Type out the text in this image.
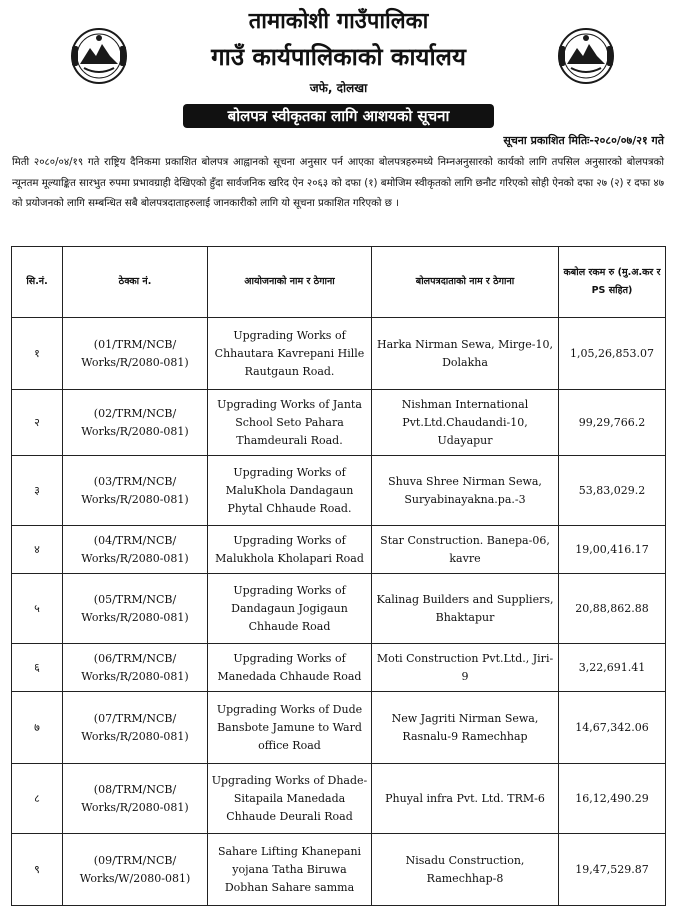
तामाकोशी गाउँपालिका
गाउँ कार्यपालिकाको कार्यालय
जफे, दोलखा
बोलपत्र स्वीकृतका लागि आशयको सूचना
सूचना प्रकाशित मितिः-२०८०/०७/२१ गते

मिती २०८०/०४/१९ गते राष्ट्रिय दैनिकमा प्रकाशित बोलपत्र आह्वानको सूचना अनुसार पर्न आएका बोलपत्रहरुमध्ये निम्नअनुसारको कार्यको लागि तपसिल अनुसारको बोलपत्रको न्यूनतम मूल्याङ्कित सारभुत रुपमा प्रभावग्राही देखिएको हुँदा सार्वजनिक खरिद ऐन २०६३ को दफा (१) बमोजिम स्वीकृतको लागि छनौट गरिएको सोही ऐनको दफा २७ (२) र दफा ४७ को प्रयोजनको लागि सम्बन्धित सबै बोलपत्रदाताहरुलाई जानकारीको लागि यो सूचना प्रकाशित गरिएको छ ।

सि.नं.	ठेक्का नं.	आयोजनाको नाम र ठेगाना	बोलपत्रदाताको नाम र ठेगाना	कबोल रकम रु (मु.अ.कर र PS सहित)
१	(01/TRM/NCB/ Works/R/2080-081)	Upgrading Works of Chhautara Kavrepani Hille Rautgaun Road.	Harka Nirman Sewa, Mirge-10, Dolakha	1,05,26,853.07
२	(02/TRM/NCB/ Works/R/2080-081)	Upgrading Works of Janta School Seto Pahara Thamdeurali Road.	Nishman International Pvt.Ltd.Chaudandi-10, Udayapur	99,29,766.2
३	(03/TRM/NCB/ Works/R/2080-081)	Upgrading Works of MaluKhola Dandagaun Phytal Chhaude Road.	Shuva Shree Nirman Sewa, Suryabinayakna.pa.-3	53,83,029.2
४	(04/TRM/NCB/ Works/R/2080-081)	Upgrading Works of Malukhola Kholapari Road	Star Construction. Banepa-06, kavre	19,00,416.17
५	(05/TRM/NCB/ Works/R/2080-081)	Upgrading Works of Dandagaun Jogigaun Chhaude Road	Kalinag Builders and Suppliers, Bhaktapur	20,88,862.88
६	(06/TRM/NCB/ Works/R/2080-081)	Upgrading Works of Manedada Chhaude Road	Moti Construction Pvt.Ltd., Jiri-9	3,22,691.41
७	(07/TRM/NCB/ Works/R/2080-081)	Upgrading Works of Dude Bansbote Jamune to Ward office Road	New Jagriti Nirman Sewa, Rasnalu-9 Ramechhap	14,67,342.06
८	(08/TRM/NCB/ Works/R/2080-081)	Upgrading Works of Dhade-Sitapaila Manedada Chhaude Deurali Road	Phuyal infra Pvt. Ltd. TRM-6	16,12,490.29
९	(09/TRM/NCB/ Works/W/2080-081)	Sahare Lifting Khanepani yojana Tatha Biruwa Dobhan Sahare samma	Nisadu Construction, Ramechhap-8	19,47,529.87
